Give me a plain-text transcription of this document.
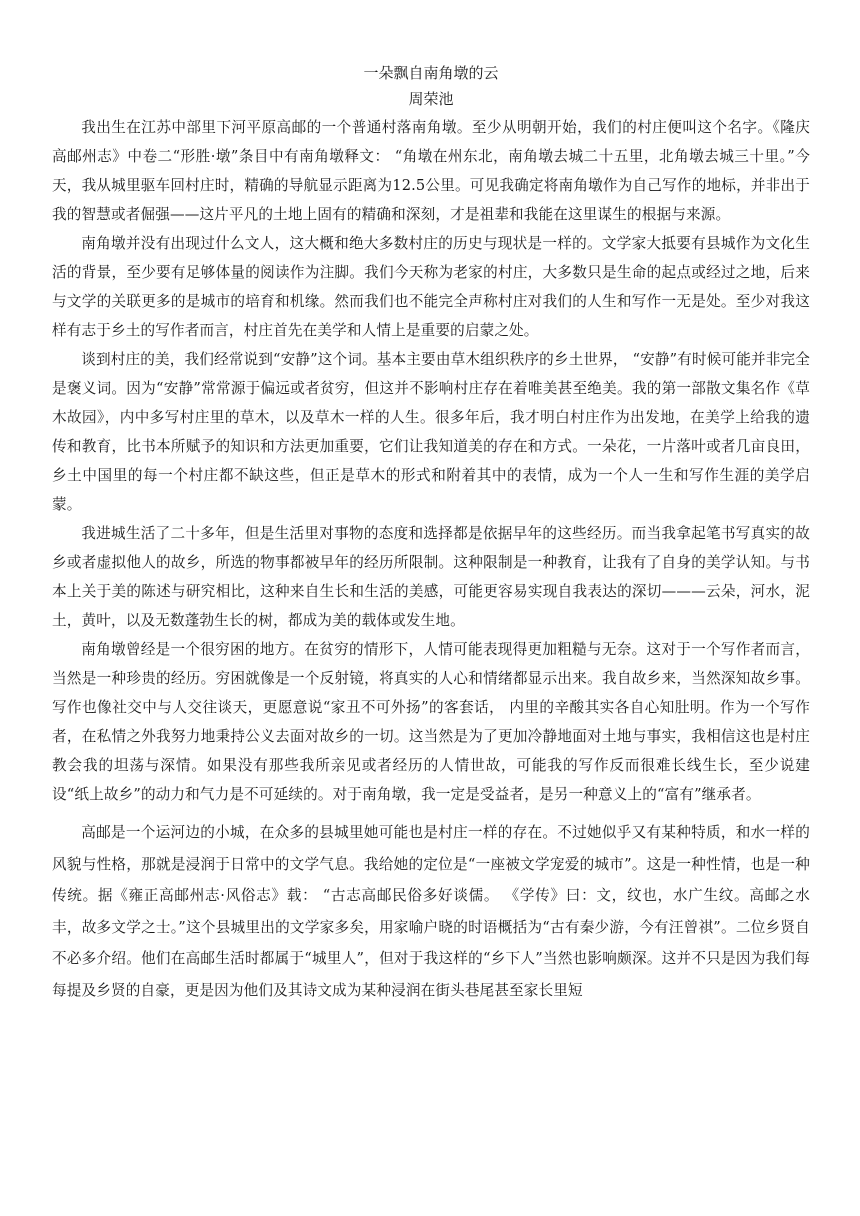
一朵飘自南角墩的云
周荣池

我出生在江苏中部里下河平原高邮的一个普通村落南角墩。至少从明朝开始，我们的村庄便叫这个名字。《隆庆高邮州志》中卷二“形胜·墩”条目中有南角墩释文： “角墩在州东北，南角墩去城二十五里，北角墩去城三十里。”今天，我从城里驱车回村庄时，精确的导航显示距离为12.5公里。可见我确定将南角墩作为自己写作的地标，并非出于我的智慧或者倔强——这片平凡的土地上固有的精确和深刻，才是祖辈和我能在这里谋生的根据与来源。

南角墩并没有出现过什么文人，这大概和绝大多数村庄的历史与现状是一样的。文学家大抵要有县城作为文化生活的背景，至少要有足够体量的阅读作为注脚。我们今天称为老家的村庄，大多数只是生命的起点或经过之地，后来与文学的关联更多的是城市的培育和机缘。然而我们也不能完全声称村庄对我们的人生和写作一无是处。至少对我这样有志于乡土的写作者而言，村庄首先在美学和人情上是重要的启蒙之处。

谈到村庄的美，我们经常说到“安静”这个词。基本主要由草木组织秩序的乡土世界， “安静”有时候可能并非完全是褒义词。因为“安静”常常源于偏远或者贫穷，但这并不影响村庄存在着唯美甚至绝美。我的第一部散文集名作《草木故园》，内中多写村庄里的草木，以及草木一样的人生。很多年后，我才明白村庄作为出发地，在美学上给我的遗传和教育，比书本所赋予的知识和方法更加重要，它们让我知道美的存在和方式。一朵花，一片落叶或者几亩良田，乡土中国里的每一个村庄都不缺这些，但正是草木的形式和附着其中的表情，成为一个人一生和写作生涯的美学启蒙。

我进城生活了二十多年，但是生活里对事物的态度和选择都是依据早年的这些经历。而当我拿起笔书写真实的故乡或者虚拟他人的故乡，所选的物事都被早年的经历所限制。这种限制是一种教育，让我有了自身的美学认知。与书本上关于美的陈述与研究相比，这种来自生长和生活的美感，可能更容易实现自我表达的深切———云朵，河水，泥土，黄叶，以及无数蓬勃生长的树，都成为美的载体或发生地。

南角墩曾经是一个很穷困的地方。在贫穷的情形下，人情可能表现得更加粗糙与无奈。这对于一个写作者而言，当然是一种珍贵的经历。穷困就像是一个反射镜，将真实的人心和情绪都显示出来。我自故乡来，当然深知故乡事。写作也像社交中与人交往谈天，更愿意说“家丑不可外扬”的客套话， 内里的辛酸其实各自心知肚明。作为一个写作者，在私情之外我努力地秉持公义去面对故乡的一切。这当然是为了更加冷静地面对土地与事实，我相信这也是村庄教会我的坦荡与深情。如果没有那些我所亲见或者经历的人情世故，可能我的写作反而很难长线生长，至少说建设“纸上故乡”的动力和气力是不可延续的。对于南角墩，我一定是受益者，是另一种意义上的“富有”继承者。

高邮是一个运河边的小城，在众多的县城里她可能也是村庄一样的存在。不过她似乎又有某种特质，和水一样的风貌与性格，那就是浸润于日常中的文学气息。我给她的定位是“一座被文学宠爱的城市”。这是一种性情，也是一种传统。据《雍正高邮州志·风俗志》载： “古志高邮民俗多好谈儒。 《学传》曰：文，纹也，水广生纹。高邮之水丰，故多文学之士。”这个县城里出的文学家多矣，用家喻户晓的时语概括为“古有秦少游，今有汪曾祺”。二位乡贤自不必多介绍。他们在高邮生活时都属于“城里人”，但对于我这样的“乡下人”当然也影响颇深。这并不只是因为我们每每提及乡贤的自豪，更是因为他们及其诗文成为某种浸润在街头巷尾甚至家长里短
